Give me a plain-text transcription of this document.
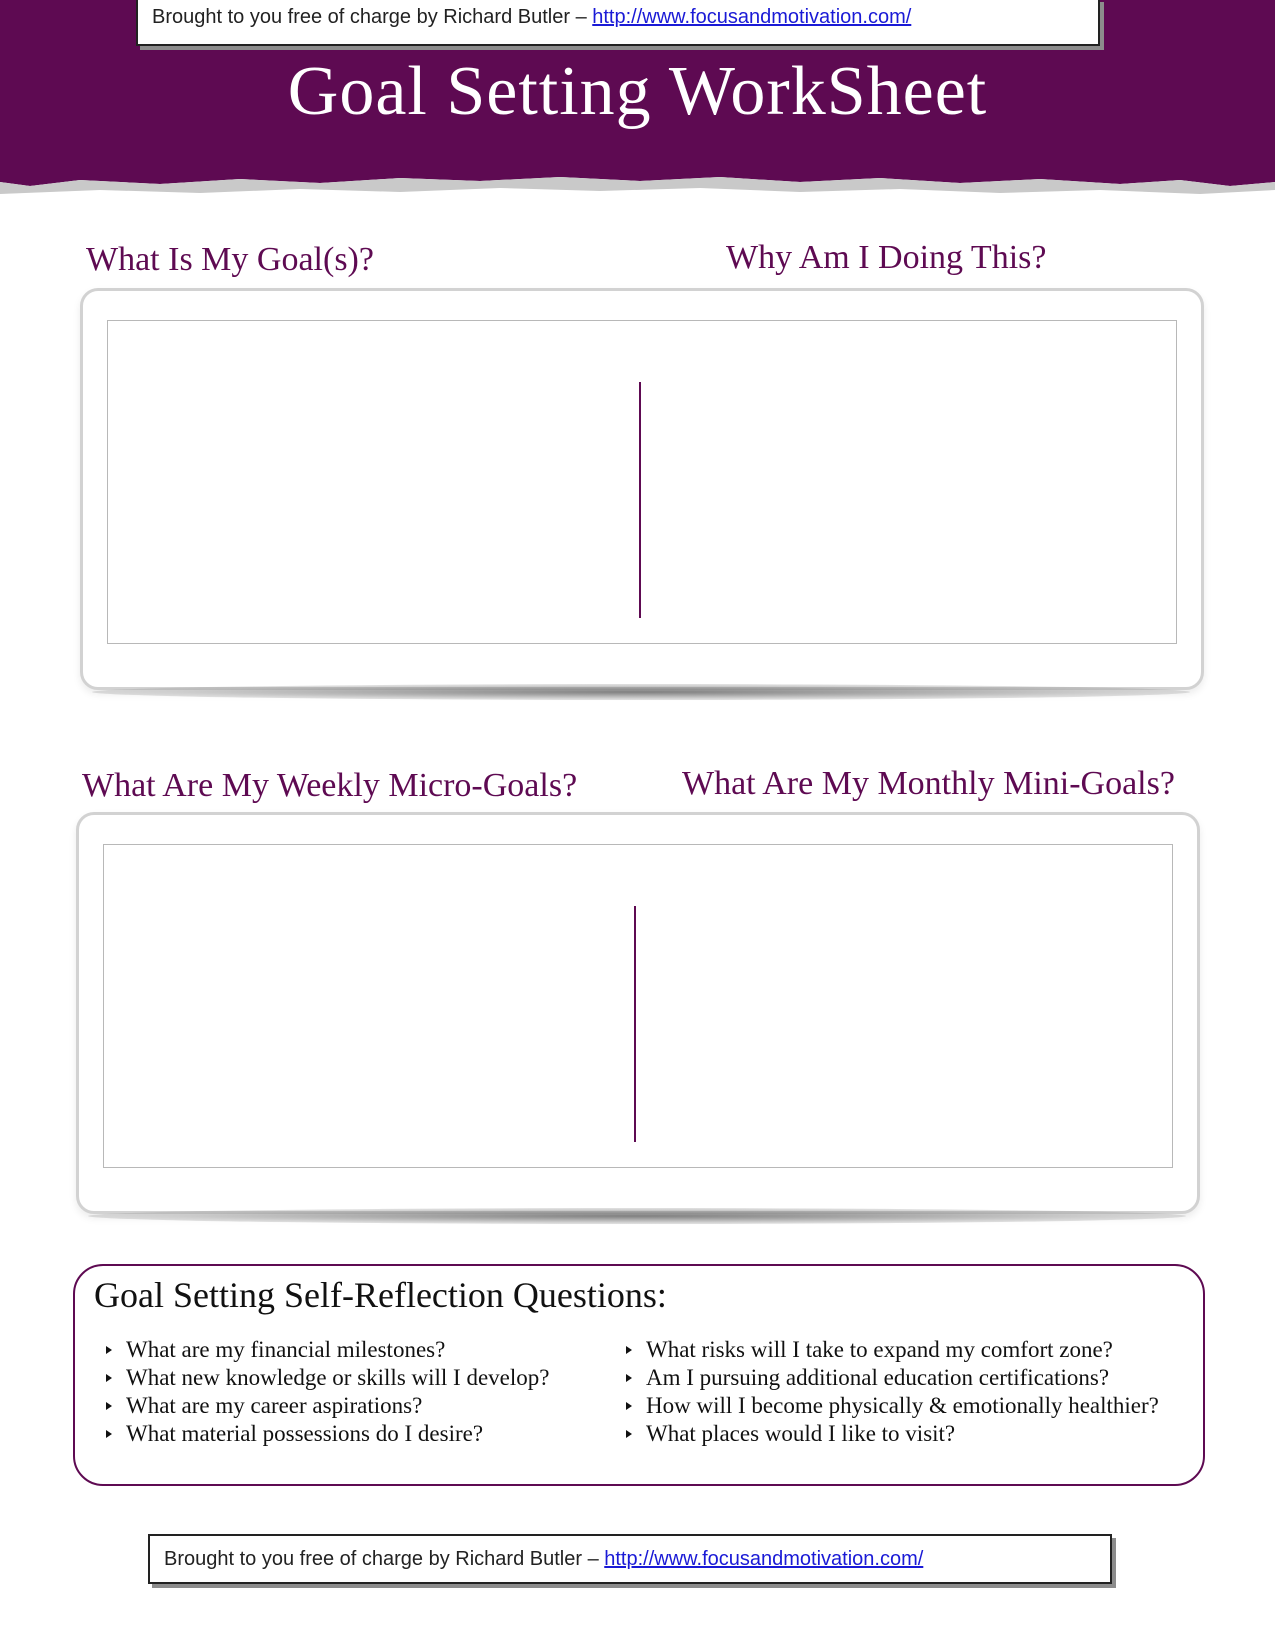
Brought to you free of charge by Richard Butler – http://www.focusandmotivation.com/
Goal Setting WorkSheet
What Is My Goal(s)?	Why Am I Doing This?
What Are My Weekly Micro-Goals?	What Are My Monthly Mini-Goals?
Goal Setting Self-Reflection Questions:
What are my financial milestones?
What new knowledge or skills will I develop?
What are my career aspirations?
What material possessions do I desire?
What risks will I take to expand my comfort zone?
Am I pursuing additional education certifications?
How will I become physically & emotionally healthier?
What places would I like to visit?
Brought to you free of charge by Richard Butler – http://www.focusandmotivation.com/
